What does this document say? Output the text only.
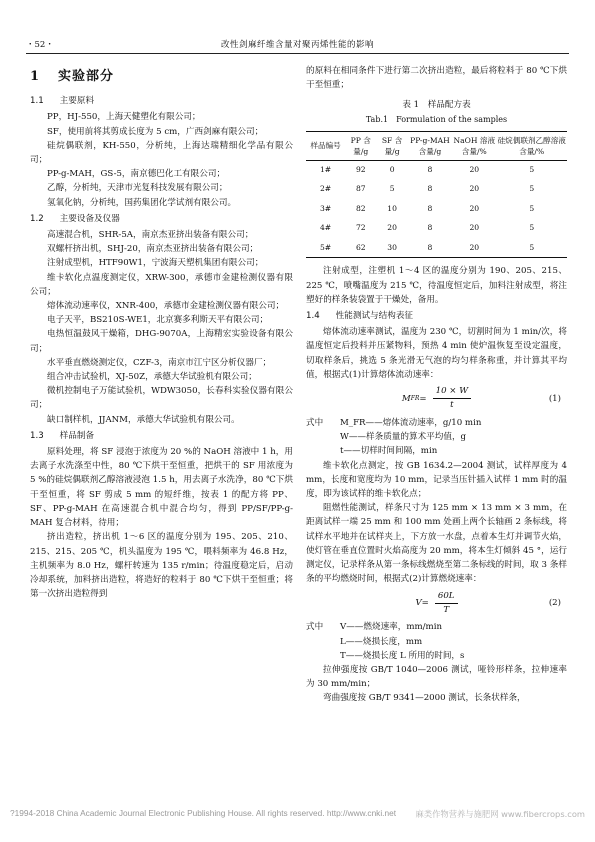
・52・	改性剑麻纤维含量对聚丙烯性能的影响
1 实验部分
1.1 主要原料
PP，HJ-550，上海天健塑化有限公司；
SF，使用前将其剪成长度为 5 cm，广西剑麻有限公司；
硅烷偶联剂，KH-550，分析纯，上海达瑞精细化学品有限公司；
PP-g-MAH，GS-5，南京德巴化工有限公司；
乙醇，分析纯，天津市光复科技发展有限公司；
氢氧化钠，分析纯，国药集团化学试剂有限公司。
1.2 主要设备及仪器
高速混合机，SHR-5A，南京杰亚挤出装备有限公司；
双螺杆挤出机，SHJ-20，南京杰亚挤出装备有限公司；
注射成型机，HTF90W1，宁波海天塑机集团有限公司；
维卡软化点温度测定仪，XRW-300，承德市金建检测仪器有限公司；
熔体流动速率仪，XNR-400，承德市金建检测仪器有限公司；
电子天平，BS210S-WE1，北京赛多利斯天平有限公司；
电热恒温鼓风干燥箱，DHG-9070A，上海精宏实验设备有限公司；
水平垂直燃烧测定仪，CZF-3，南京市江宁区分析仪器厂；
组合冲击试验机，XJ-50Z，承德大华试验机有限公司；
微机控制电子万能试验机，WDW3050，长春科实验仪器有限公司；
缺口制样机，JJANM，承德大华试验机有限公司。
1.3 样品制备
原料处理，将 SF 浸泡于浓度为 20 %的 NaOH 溶液中 1 h，用去离子水洗涤至中性，80 ℃下烘干至恒重，把烘干的 SF 用浓度为 5 %的硅烷偶联剂乙醇溶液浸泡 1.5 h，用去离子水洗净，80 ℃下烘干至恒重，将 SF 剪成 5 mm 的短纤维，按表 1 的配方将 PP、SF、PP-g-MAH 在高速混合机中混合均匀，得到 PP/SF/PP-g-MAH 复合材料，待用；
挤出造粒，挤出机 1～6 区的温度分别为 195、205、210、215、215、205 ℃，机头温度为 195 ℃，喂料频率为 46.8 Hz，主机频率为 8.0 Hz，螺杆转速为 135 r/min；待温度稳定后，启动冷却系统，加料挤出造粒，将造好的粒料于 80 ℃下烘干至恒重；将第一次挤出造粒得到
的原料在相同条件下进行第二次挤出造粒，最后将粒料于 80 ℃下烘干至恒重；
表 1　样品配方表
Tab.1　Formulation of the samples
样品编号	PP 含量/g	SF 含量/g	PP-g-MAH 含量/g	NaOH 溶液含量/%	硅烷偶联剂乙醇溶液含量/%
1#	92	0	8	20	5
2#	87	5	8	20	5
3#	82	10	8	20	5
4#	72	20	8	20	5
5#	62	30	8	20	5
注射成型，注塑机 1～4 区的温度分别为 190、205、215、225 ℃，喷嘴温度为 215 ℃，待温度恒定后，加料注射成型，将注塑好的样条装袋置于干燥处，备用。
1.4 性能测试与结构表征
熔体流动速率测试，温度为 230 ℃，切割时间为 1 min/次，将温度恒定后投料并压紧物料，预热 4 min 使炉温恢复至设定温度，切取样条后，挑选 5 条光滑无气泡的均匀样条称重，并计算其平均值，根据式(1)计算熔体流动速率：
M FR = $\frac{10 \times W}{t}$	(1)
式中	M_FR——熔体流动速率，g/10 min
W——样条质量的算术平均值，g
t——切样时间间隔，min
维卡软化点测定，按 GB 1634.2—2004 测试，试样厚度为 4 mm，长度和宽度均为 10 mm，记录当压针插入试样 1 mm 时的温度，即为该试样的维卡软化点；
阻燃性能测试，样条尺寸为 125 mm × 13 mm × 3 mm，在距离试样一端 25 mm 和 100 mm 处画上两个长轴画 2 条标线，将试样水平地并在试样夹上，下方放一水盘，点着本生灯并调节火焰，使灯管在垂直位置时火焰高度为 20 mm，将本生灯倾斜 45 °，运行测定仪，记录样条从第一条标线燃烧至第二条标线的时间，取 3 条样条的平均燃烧时间，根据式(2)计算燃烧速率：
$V = \frac{60L}{T}$	(2)
式中	V——燃烧速率，mm/min
L——烧损长度，mm
T——烧损长度 L 所用的时间，s
拉伸强度按 GB/T 1040—2006 测试，哑铃形样条，拉伸速率为 30 mm/min；
弯曲强度按 GB/T 9341—2000 测试，长条状样条，
?1994-2018 China Academic Journal Electronic Publishing House. All rights reserved. http://www.cnki.net 麻类作物营养与施肥网 www.fibercrops.com
